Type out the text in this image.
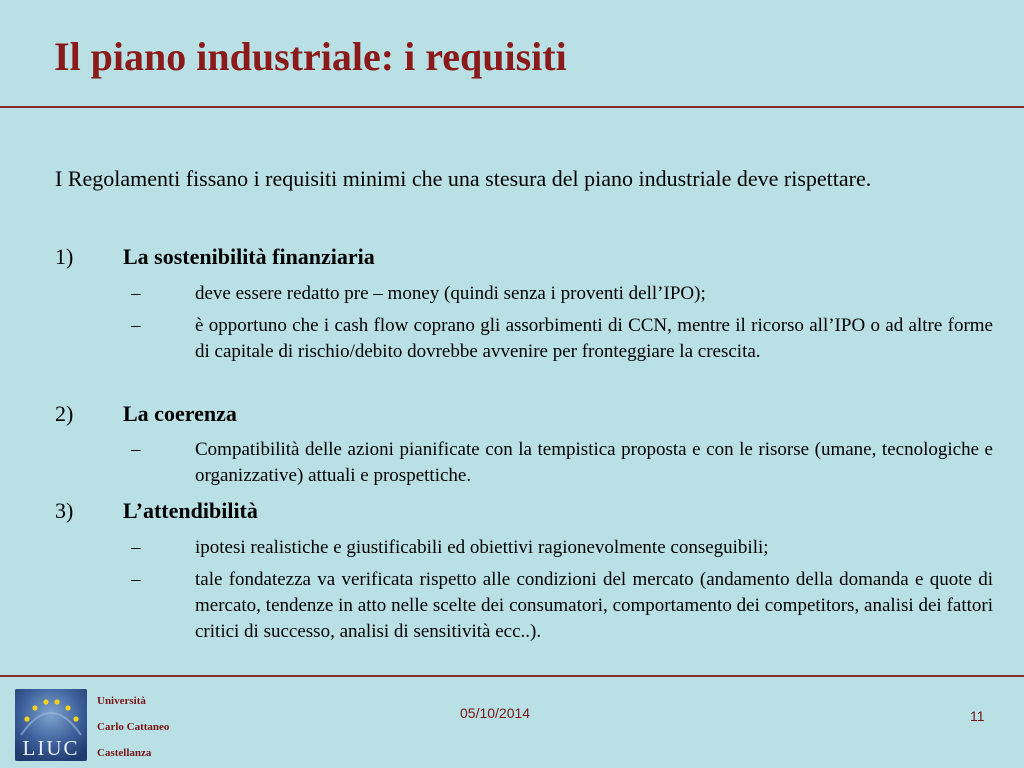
Il piano industriale: i requisiti

I Regolamenti fissano i requisiti minimi che una stesura del piano industriale deve rispettare.

1) La sostenibilità finanziaria
–	deve essere redatto pre – money (quindi senza i proventi dell’IPO);
–	è opportuno che i cash flow coprano gli assorbimenti di CCN, mentre il ricorso all’IPO o ad altre forme di capitale di rischio/debito dovrebbe avvenire per fronteggiare la crescita.
2) La coerenza
–	Compatibilità delle azioni pianificate con la tempistica proposta e con le risorse (umane, tecnologiche e organizzative) attuali e prospettiche.
3) L’attendibilità
–	ipotesi realistiche e giustificabili ed obiettivi ragionevolmente conseguibili;
–	tale fondatezza va verificata rispetto alle condizioni del mercato (andamento della domanda e quote di mercato, tendenze in atto nelle scelte dei consumatori, comportamento dei competitors, analisi dei fattori critici di successo, analisi di sensitività ecc..).
LIUC
Università
Carlo Cattaneo
Castellanza
05/10/2014	11
